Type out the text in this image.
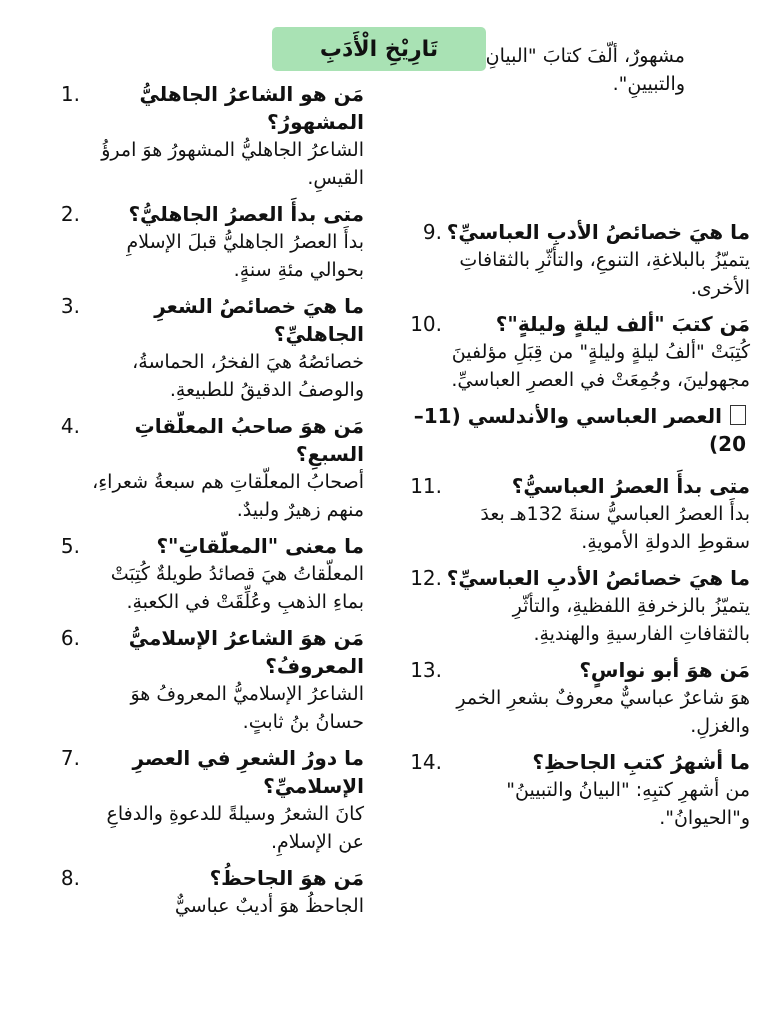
تَارِيْخِ الْأَدَبِ	مشهورٌ، ألّفَ كتابَ "البيانِ والتبيينِ".
مَن هو الشاعرُ الجاهليُّ المشهورُ؟
الشاعرُ الجاهليُّ المشهورُ هوَ امرؤُ القيسِ.
1.
متى بدأَ العصرُ الجاهليُّ؟
بدأَ العصرُ الجاهليُّ قبلَ الإسلامِ بحوالي مئةِ سنةٍ.
2.
ما هيَ خصائصُ الشعرِ الجاهليِّ؟
خصائصُهُ هيَ الفخرُ، الحماسةُ، والوصفُ الدقيقُ للطبيعةِ.
3.
مَن هوَ صاحبُ المعلّقاتِ السبعِ؟
أصحابُ المعلّقاتِ هم سبعةُ شعراءِ، منهم زهيرٌ ولبيدٌ.
4.
ما معنى "المعلّقاتِ"؟
المعلّقاتُ هيَ قصائدُ طويلةٌ كُتِبَتْ بماءِ الذهبِ وعُلِّقَتْ في الكعبةِ.
5.
مَن هوَ الشاعرُ الإسلاميُّ المعروفُ؟
الشاعرُ الإسلاميُّ المعروفُ هوَ حسانُ بنُ ثابتٍ.
6.
ما دورُ الشعرِ في العصرِ الإسلاميِّ؟
كانَ الشعرُ وسيلةً للدعوةِ والدفاعِ عن الإسلامِ.
7.
مَن هوَ الجاحظُ؟
الجاحظُ هوَ أديبٌ عباسيٌّ
8.
ما هيَ خصائصُ الأدبِ العباسيِّ؟
يتميّزُ بالبلاغةِ، التنوعِ، والتأثّرِ بالثقافاتِ الأخرى.
9.
مَن كتبَ "ألف ليلةٍ وليلةٍ"؟
كُتِبَتْ "ألفُ ليلةٍ وليلةٍ" من قِبَلِ مؤلفينَ مجهولينَ، وجُمِعَتْ في العصرِ العباسيِّ.
10.
العصر العباسي والأندلسي (11–20)
متى بدأَ العصرُ العباسيُّ؟
بدأَ العصرُ العباسيُّ سنةَ 132هـ بعدَ سقوطِ الدولةِ الأمويةِ.
11.
ما هيَ خصائصُ الأدبِ العباسيِّ؟
يتميّزُ بالزخرفةِ اللفظيةِ، والتأثّرِ بالثقافاتِ الفارسيةِ والهنديةِ.
12.
مَن هوَ أبو نواسٍ؟
هوَ شاعرٌ عباسيٌّ معروفٌ بشعرِ الخمرِ والغزلِ.
13.
ما أشهرُ كتبِ الجاحظِ؟
من أشهرِ كتبِهِ: "البيانُ والتبيينُ" و"الحيوانُ".
14.
